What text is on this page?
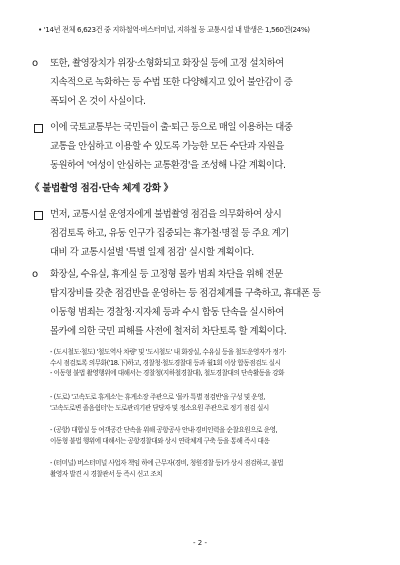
• '14년 전체 6,623건 중 지하철역·버스터미널, 지하철 등 교통시설 내 발생은 1,560건(24%)
o 또한, 촬영장치가 위장·소형화되고 화장실 등에 고정 설치하여
지속적으로 녹화하는 등 수법 또한 다양해지고 있어 불안감이 증
폭되어 온 것이 사실이다.
이에 국토교통부는 국민들이 출·퇴근 등으로 매일 이용하는 대중
교통을 안심하고 이용할 수 있도록 가능한 모든 수단과 자원을
동원하여 '여성이 안심하는 교통환경'을 조성해 나갈 계획이다.
《 불법촬영 점검·단속 체계 강화 》
먼저, 교통시설 운영자에게 불법촬영 점검을 의무화하여 상시
점검토록 하고, 유동 인구가 집중되는 휴가철·명절 등 주요 계기
대비 각 교통시설별 '특별 일제 점검' 실시할 계획이다.
o 화장실, 수유실, 휴게실 등 고정형 몰카 범죄 차단을 위해 전문
탐지장비를 갖춘 점검반을 운영하는 등 점검체계를 구축하고, 휴대폰 등
이동형 범죄는 경찰청·지자체 등과 수시 합동 단속을 실시하여
몰카에 의한 국민 피해를 사전에 철저히 차단토록 할 계획이다.
- (도시철도·철도) '철도역사 차량' 및 '도시철도' 내 화장실, 수유실 등을 철도운영자가 정기·
수시 점검토록 의무화('18.下)하고, 경찰청·철도경찰대 등과 월1회 이상 합동점검도 실시
- 이동형 불법 촬영행위에 대해서는 경찰청(지하철경찰대), 철도경찰대의 단속활동을 강화
- (도로) '고속도로 휴게소'는 휴게소장 주관으로 '몰카 특별 점검반'을 구성 및 운영,
'고속도로변 졸음쉼터'는 도로관리기관 담당자 및 정소요원 주관으로 정기 점검 실시
- (공항) 대합실 등 여객공간 단속을 위해 공항공사 안내·경비인력을 순찰요원으로 운영,
이동형 불법 행위에 대해서는 공항경찰대와 상시 연락체계 구축 등을 통해 즉시 대응
- (터미널) 버스터미널 사업자 책임 하에 근무자(경비, 청원경찰 등)가 상시 점검하고, 불법
촬영자 발견 시 경찰관서 등 즉시 신고 조치
- 2 -
